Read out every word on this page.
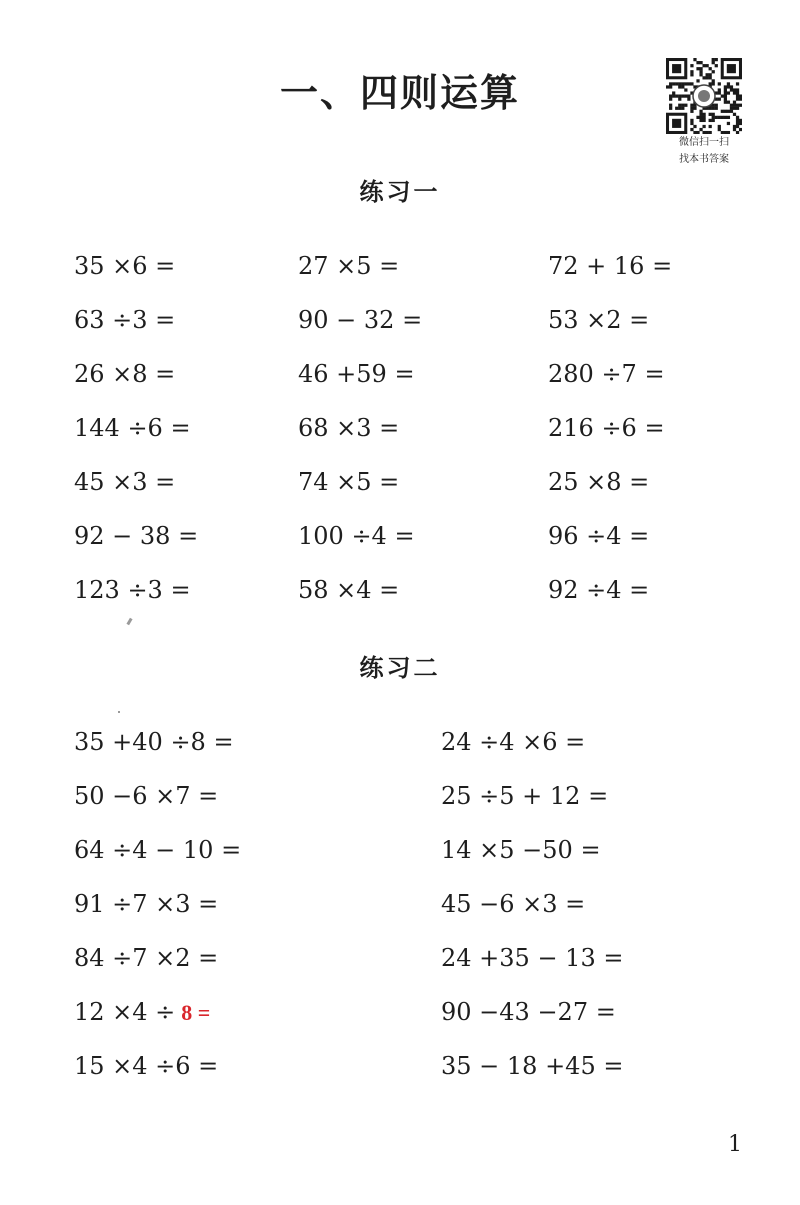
一、四则运算
微信扫一扫
找本书答案
练习一
35 ×6 =	27 ×5 =	72 + 16 =
63 ÷3 =	90 − 32 =	53 ×2 =
26 ×8 =	46 +59 =	280 ÷7 =
144 ÷6 =	68 ×3 =	216 ÷6 =
45 ×3 =	74 ×5 =	25 ×8 =
92 − 38 =	100 ÷4 =	96 ÷4 =
123 ÷3 =	58 ×4 =	92 ÷4 =
练习二
35 +40 ÷8 =	24 ÷4 ×6 =
50 −6 ×7 =	25 ÷5 + 12 =
64 ÷4 − 10 =	14 ×5 −50 =
91 ÷7 ×3 =	45 −6 ×3 =
84 ÷7 ×2 =	24 +35 − 13 =
12 ×4 ÷ 8 =	90 −43 −27 =
15 ×4 ÷6 =	35 − 18 +45 =
1
